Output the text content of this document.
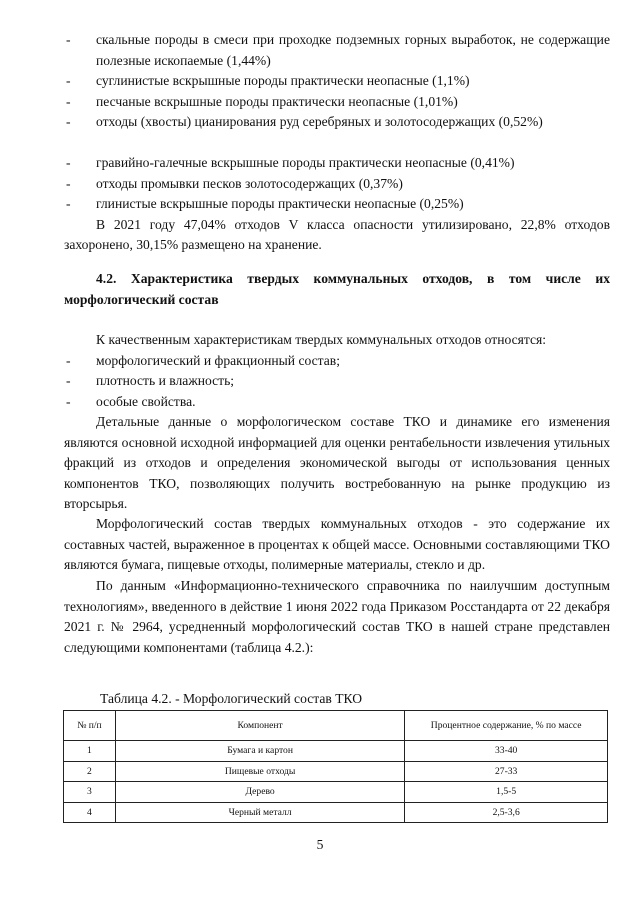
- скальные породы в смеси при проходке подземных горных выработок, не содержащие полезные ископаемые (1,44%)
- суглинистые вскрышные породы практически неопасные (1,1%)
- песчаные вскрышные породы практически неопасные (1,01%)
- отходы (хвосты) цианирования руд серебряных и золотосодержащих (0,52%)
- гравийно-галечные вскрышные породы практически неопасные (0,41%)
- отходы промывки песков золотосодержащих (0,37%)
- глинистые вскрышные породы практически неопасные (0,25%)

В 2021 году 47,04% отходов V класса опасности утилизировано, 22,8% отходов захоронено, 30,15% размещено на хранение.

4.2. Характеристика твердых коммунальных отходов, в том числе их морфологический состав

К качественным характеристикам твердых коммунальных отходов относятся:

- морфологический и фракционный состав;
- плотность и влажность;
- особые свойства.

Детальные данные о морфологическом составе ТКО и динамике его изменения являются основной исходной информацией для оценки рентабельности извлечения утильных фракций из отходов и определения экономической выгоды от использования ценных компонентов ТКО, позволяющих получить востребованную на рынке продукцию из вторсырья.

Морфологический состав твердых коммунальных отходов - это содержание их составных частей, выраженное в процентах к общей массе. Основными составляющими ТКО являются бумага, пищевые отходы, полимерные материалы, стекло и др.

По данным «Информационно-технического справочника по наилучшим доступным технологиям», введенного в действие 1 июня 2022 года Приказом Росстандарта от 22 декабря 2021 г. № 2964, усредненный морфологический состав ТКО в нашей стране представлен следующими компонентами (таблица 4.2.):

Таблица 4.2. - Морфологический состав ТКО
№ п/п	Компонент	Процентное содержание, % по массе
1	Бумага и картон	33-40
2	Пищевые отходы	27-33
3	Дерево	1,5-5
4	Черный металл	2,5-3,6
5
